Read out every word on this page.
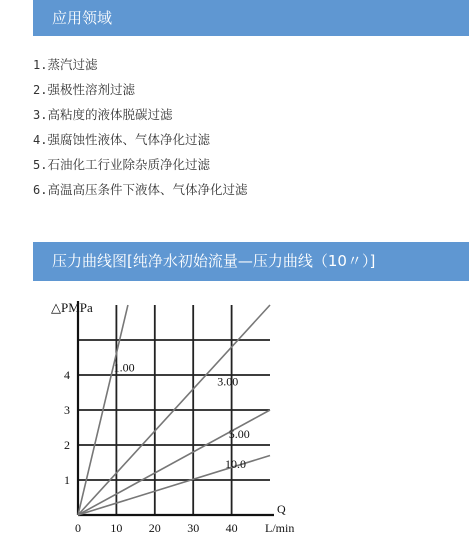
应用领域
1.蒸汽过滤
2.强极性溶剂过滤
3.高粘度的液体脱碳过滤
4.强腐蚀性液体、气体净化过滤
5.石油化工行业除杂质净化过滤
6.高温高压条件下液体、气体净化过滤
压力曲线图[纯净水初始流量—压力曲线（10〃）]
1.00
3.00
5.00
10.0
0 10 20 30 40
1
2
3
4
△PMPa
Q
L/min
